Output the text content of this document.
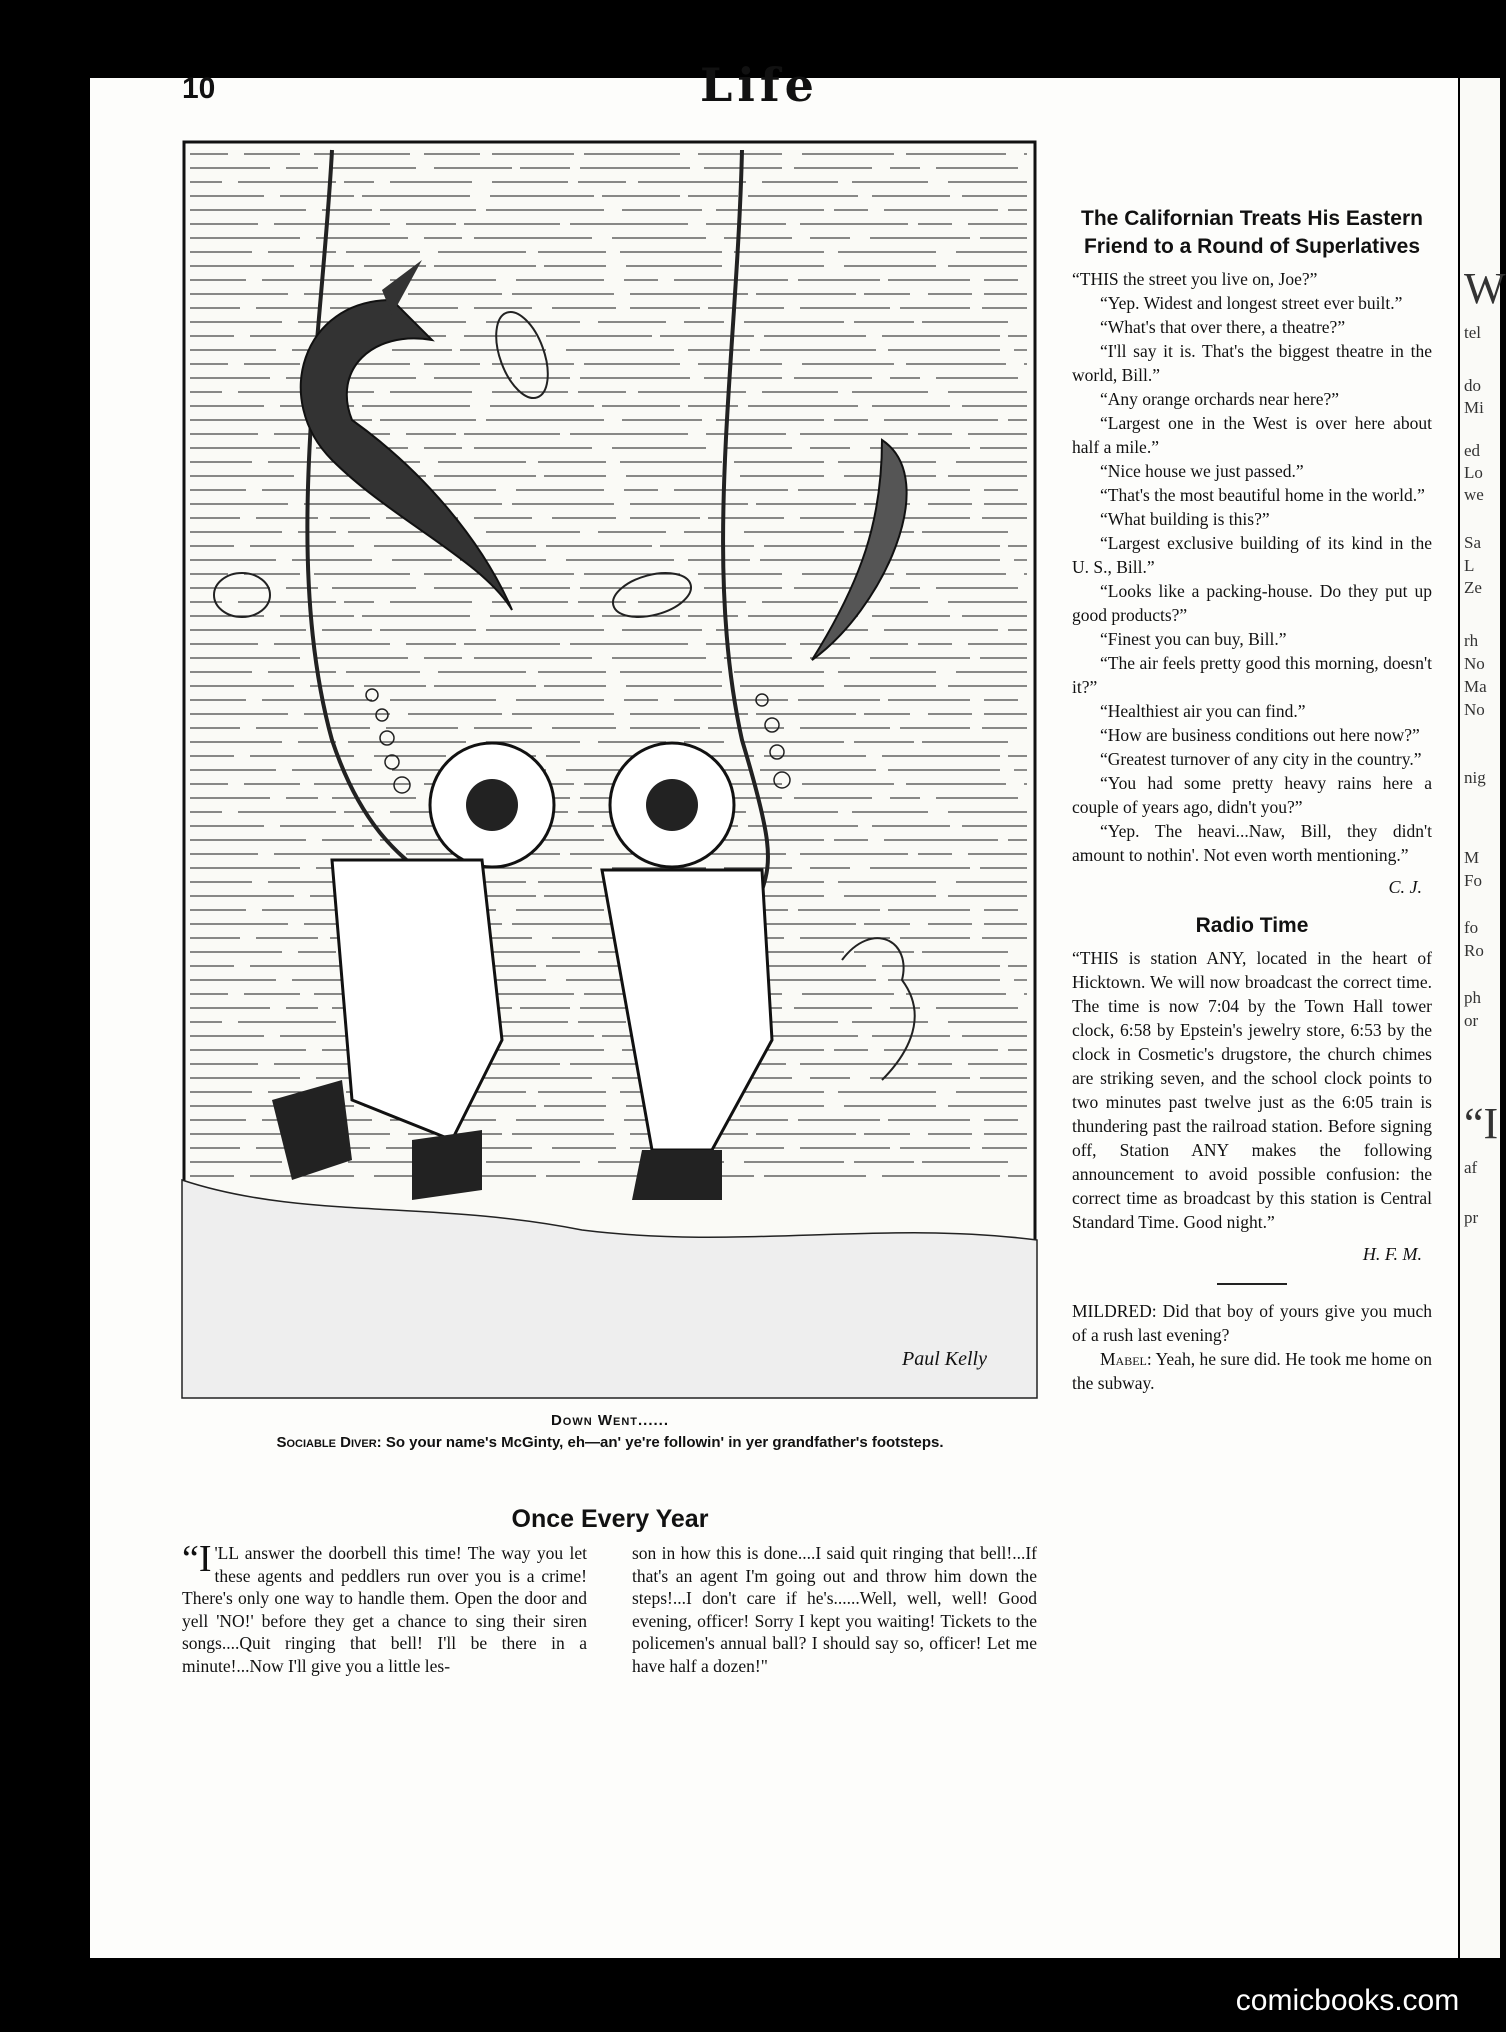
W
tel
do
Mi
ed
Lo
we
Sa
L
Ze
rh
No
Ma
No
nig
M
Fo
fo
Ro
ph
or
“I
af
pr
10	Life
Paul Kelly
Down Went......
Sociable Diver: So your name's McGinty, eh—an' ye're followin' in yer grandfather's footsteps.
Once Every Year
“I 'LL answer the doorbell this time! The way you let these agents and peddlers run over you is a crime! There's only one way to handle them. Open the door and yell 'NO!' before they get a chance to sing their siren songs....Quit ringing that bell! I'll be there in a minute!...Now I'll give you a little les-
son in how this is done....I said quit ringing that bell!...If that's an agent I'm going out and throw him down the steps!...I don't care if he's......Well, well, well! Good evening, officer! Sorry I kept you waiting! Tickets to the policemen's annual ball? I should say so, officer! Let me have half a dozen!"
The Californian Treats His Eastern Friend to a Round of Superlatives

“THIS the street you live on, Joe?”

“Yep. Widest and longest street ever built.”

“What's that over there, a theatre?”

“I'll say it is. That's the biggest theatre in the world, Bill.”

“Any orange orchards near here?”

“Largest one in the West is over here about half a mile.”

“Nice house we just passed.”

“That's the most beautiful home in the world.”

“What building is this?”

“Largest exclusive building of its kind in the U. S., Bill.”

“Looks like a packing-house. Do they put up good products?”

“Finest you can buy, Bill.”

“The air feels pretty good this morning, doesn't it?”

“Healthiest air you can find.”

“How are business conditions out here now?”

“Greatest turnover of any city in the country.”

“You had some pretty heavy rains here a couple of years ago, didn't you?”

“Yep. The heavi...Naw, Bill, they didn't amount to nothin'. Not even worth mentioning.”

C. J.
Radio Time

“THIS is station ANY, located in the heart of Hicktown. We will now broadcast the correct time. The time is now 7:04 by the Town Hall tower clock, 6:58 by Epstein's jewelry store, 6:53 by the clock in Cosmetic's drugstore, the church chimes are striking seven, and the school clock points to two minutes past twelve just as the 6:05 train is thundering past the railroad station. Before signing off, Station ANY makes the following announcement to avoid possible confusion: the correct time as broadcast by this station is Central Standard Time. Good night.”

H. F. M.

MILDRED: Did that boy of yours give you much of a rush last evening?

Mabel: Yeah, he sure did. He took me home on the subway.

comicbooks.com
